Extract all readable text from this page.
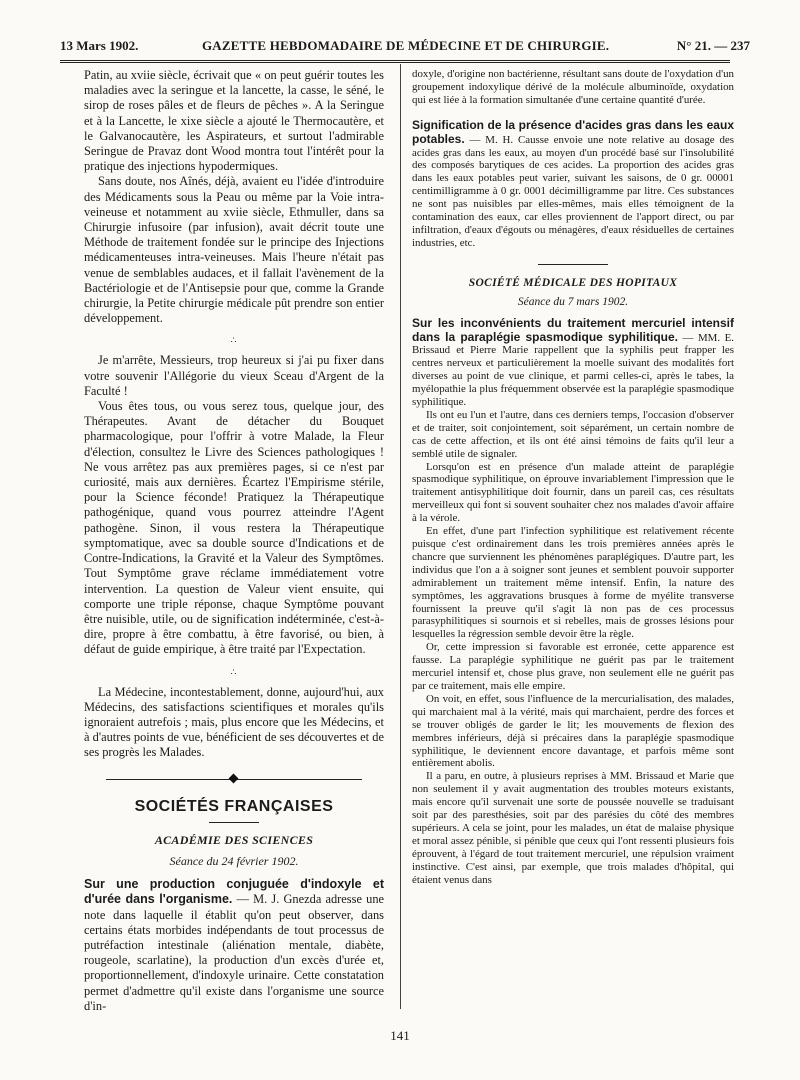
13 Mars 1902.	GAZETTE HEBDOMADAIRE DE MÉDECINE ET DE CHIRURGIE.	N° 21. — 237

Patin, au xviie siècle, écrivait que « on peut guérir toutes les maladies avec la seringue et la lancette, la casse, le séné, le sirop de roses pâles et de fleurs de pêches ». A la Seringue et à la Lancette, le xixe siècle a ajouté le Thermocautère, et le Galvanocautère, les Aspirateurs, et surtout l'admirable Seringue de Pravaz dont Wood montra tout l'intérêt pour la pratique des injections hypodermiques.

Sans doute, nos Aînés, déjà, avaient eu l'idée d'introduire des Médicaments sous la Peau ou même par la Voie intra-veineuse et notamment au xviie siècle, Ethmuller, dans sa Chirurgie infusoire (par infusion), avait décrit toute une Méthode de traitement fondée sur le principe des Injections médicamenteuses intra-veineuses. Mais l'heure n'était pas venue de semblables audaces, et il fallait l'avènement de la Bactériologie et de l'Antisepsie pour que, comme la Grande chirurgie, la Petite chirurgie médicale pût prendre son entier développement.

∴

Je m'arrête, Messieurs, trop heureux si j'ai pu fixer dans votre souvenir l'Allégorie du vieux Sceau d'Argent de la Faculté !

Vous êtes tous, ou vous serez tous, quelque jour, des Thérapeutes. Avant de détacher du Bouquet pharmacologique, pour l'offrir à votre Malade, la Fleur d'élection, consultez le Livre des Sciences pathologiques ! Ne vous arrêtez pas aux premières pages, si ce n'est par curiosité, mais aux dernières. Écartez l'Empirisme stérile, pour la Science féconde! Pratiquez la Thérapeutique pathogénique, quand vous pourrez atteindre l'Agent pathogène. Sinon, il vous restera la Thérapeutique symptomatique, avec sa double source d'Indications et de Contre-Indications, la Gravité et la Valeur des Symptômes. Tout Symptôme grave réclame immédiatement votre intervention. La question de Valeur vient ensuite, qui comporte une triple réponse, chaque Symptôme pouvant être nuisible, utile, ou de signification indéterminée, c'est-à-dire, propre à être combattu, à être favorisé, ou bien, à défaut de guide empirique, à être traité par l'Expectation.

∴

La Médecine, incontestablement, donne, aujourd'hui, aux Médecins, des satisfactions scientifiques et morales qu'ils ignoraient autrefois ; mais, plus encore que les Médecins, et à d'autres points de vue, bénéficient de ses découvertes et de ses progrès les Malades.

SOCIÉTÉS FRANÇAISES
ACADÉMIE DES SCIENCES
Séance du 24 février 1902.

Sur une production conjuguée d'indoxyle et d'urée dans l'organisme. — M. J. Gnezda adresse une note dans laquelle il établit qu'on peut observer, dans certains états morbides indépendants de tout processus de putréfaction intestinale (aliénation mentale, diabète, rougeole, scarlatine), la production d'un excès d'urée et, proportionnellement, d'indoxyle urinaire. Cette constatation permet d'admettre qu'il existe dans l'organisme une source d'in-

doxyle, d'origine non bactérienne, résultant sans doute de l'oxydation d'un groupement indoxylique dérivé de la molécule albuminoïde, oxydation qui est liée à la formation simultanée d'une certaine quantité d'urée.

Signification de la présence d'acides gras dans les eaux potables. — M. H. Causse envoie une note relative au dosage des acides gras dans les eaux, au moyen d'un procédé basé sur l'insolubilité des composés barytiques de ces acides. La proportion des acides gras dans les eaux potables peut varier, suivant les saisons, de 0 gr. 00001 centimilligramme à 0 gr. 0001 décimilligramme par litre. Ces substances ne sont pas nuisibles par elles-mêmes, mais elles témoignent de la contamination des eaux, car elles proviennent de l'apport direct, ou par infiltration, d'eaux d'égouts ou ménagères, d'eaux résiduelles de certaines industries, etc.

SOCIÉTÉ MÉDICALE DES HOPITAUX
Séance du 7 mars 1902.

Sur les inconvénients du traitement mercuriel intensif dans la paraplégie spasmodique syphilitique. — MM. E. Brissaud et Pierre Marie rappellent que la syphilis peut frapper les centres nerveux et particulièrement la moelle suivant des modalités fort diverses au point de vue clinique, et parmi celles-ci, après le tabes, la myélopathie la plus fréquemment observée est la paraplégie spasmodique syphilitique.

Ils ont eu l'un et l'autre, dans ces derniers temps, l'occasion d'observer et de traiter, soit conjointement, soit séparément, un certain nombre de cas de cette affection, et ils ont été ainsi témoins de faits qu'il leur a semblé utile de signaler.

Lorsqu'on est en présence d'un malade atteint de paraplégie spasmodique syphilitique, on éprouve invariablement l'impression que le traitement antisyphilitique doit fournir, dans un pareil cas, ces résultats merveilleux qui font si souvent souhaiter chez nos malades d'avoir affaire à la vérole.

En effet, d'une part l'infection syphilitique est relativement récente puisque c'est ordinairement dans les trois premières années après le chancre que surviennent les phénomènes paraplégiques. D'autre part, les individus que l'on a à soigner sont jeunes et semblent pouvoir supporter admirablement un traitement même intensif. Enfin, la nature des symptômes, les aggravations brusques à forme de myélite transverse fournissent la preuve qu'il s'agit là non pas de ces processus parasyphilitiques si sournois et si rebelles, mais de grosses lésions pour lesquelles la régression semble devoir être la règle.

Or, cette impression si favorable est erronée, cette apparence est fausse. La paraplégie syphilitique ne guérit pas par le traitement mercuriel intensif et, chose plus grave, non seulement elle ne guérit pas par ce traitement, mais elle empire.

On voit, en effet, sous l'influence de la mercurialisation, des malades, qui marchaient mal à la vérité, mais qui marchaient, perdre des forces et se trouver obligés de garder le lit; les mouvements de flexion des membres inférieurs, déjà si précaires dans la paraplégie spasmodique syphilitique, le deviennent encore davantage, et parfois même sont entièrement abolis.

Il a paru, en outre, à plusieurs reprises à MM. Brissaud et Marie que non seulement il y avait augmentation des troubles moteurs existants, mais encore qu'il survenait une sorte de poussée nouvelle se traduisant soit par des paresthésies, soit par des parésies du côté des membres supérieurs. A cela se joint, pour les malades, un état de malaise physique et moral assez pénible, si pénible que ceux qui l'ont ressenti plusieurs fois éprouvent, à l'égard de tout traitement mercuriel, une répulsion vraiment instinctive. C'est ainsi, par exemple, que trois malades d'hôpital, qui étaient venus dans

141
